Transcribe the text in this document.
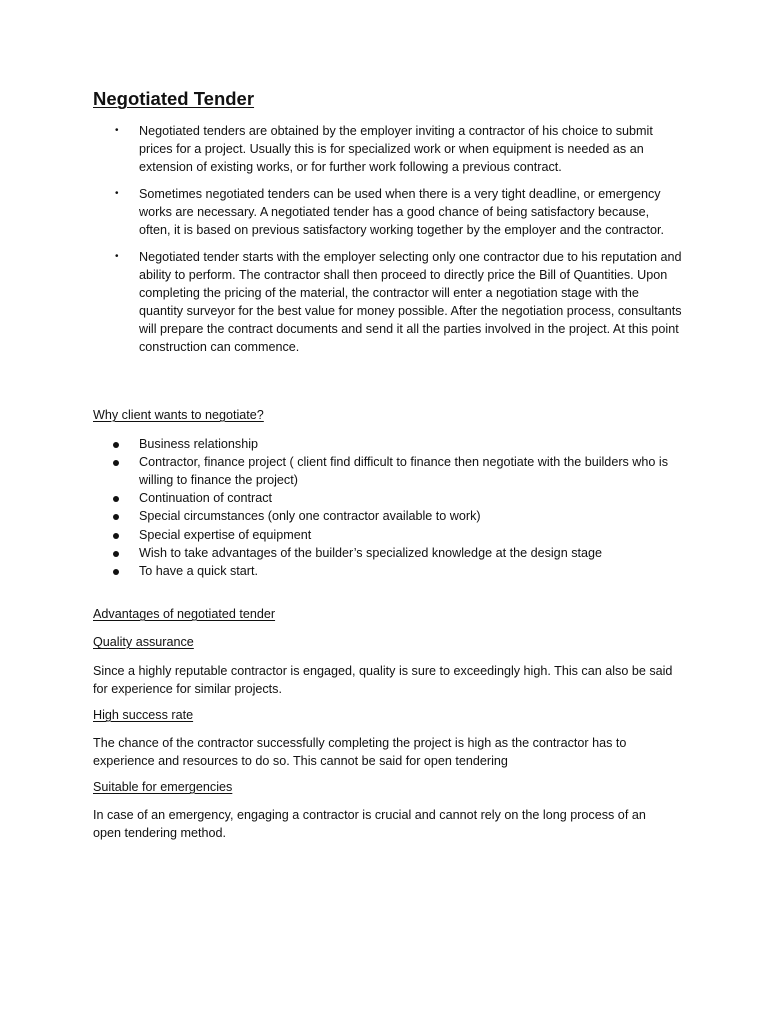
Negotiated Tender
• Negotiated tenders are obtained by the employer inviting a contractor of his choice to submit prices for a project. Usually this is for specialized work or when equipment is needed as an extension of existing works, or for further work following a previous contract.
• Sometimes negotiated tenders can be used when there is a very tight deadline, or emergency works are necessary. A negotiated tender has a good chance of being satisfactory because, often, it is based on previous satisfactory working together by the employer and the contractor.
• Negotiated tender starts with the employer selecting only one contractor due to his reputation and ability to perform. The contractor shall then proceed to directly price the Bill of Quantities. Upon completing the pricing of the material, the contractor will enter a negotiation stage with the quantity surveyor for the best value for money possible. After the negotiation process, consultants will prepare the contract documents and send it all the parties involved in the project. At this point construction can commence.
Why client wants to negotiate?
Business relationship
Contractor, finance project ( client find difficult to finance then negotiate with the builders who is willing to finance the project)
Continuation of contract
Special circumstances (only one contractor available to work)
Special expertise of equipment
Wish to take advantages of the builder’s specialized knowledge at the design stage
To have a quick start.
Advantages of negotiated tender
Quality assurance

Since a highly reputable contractor is engaged, quality is sure to exceedingly high. This can also be said for experience for similar projects.

High success rate

The chance of the contractor successfully completing the project is high as the contractor has to experience and resources to do so. This cannot be said for open tendering

Suitable for emergencies

In case of an emergency, engaging a contractor is crucial and cannot rely on the long process of an open tendering method.
